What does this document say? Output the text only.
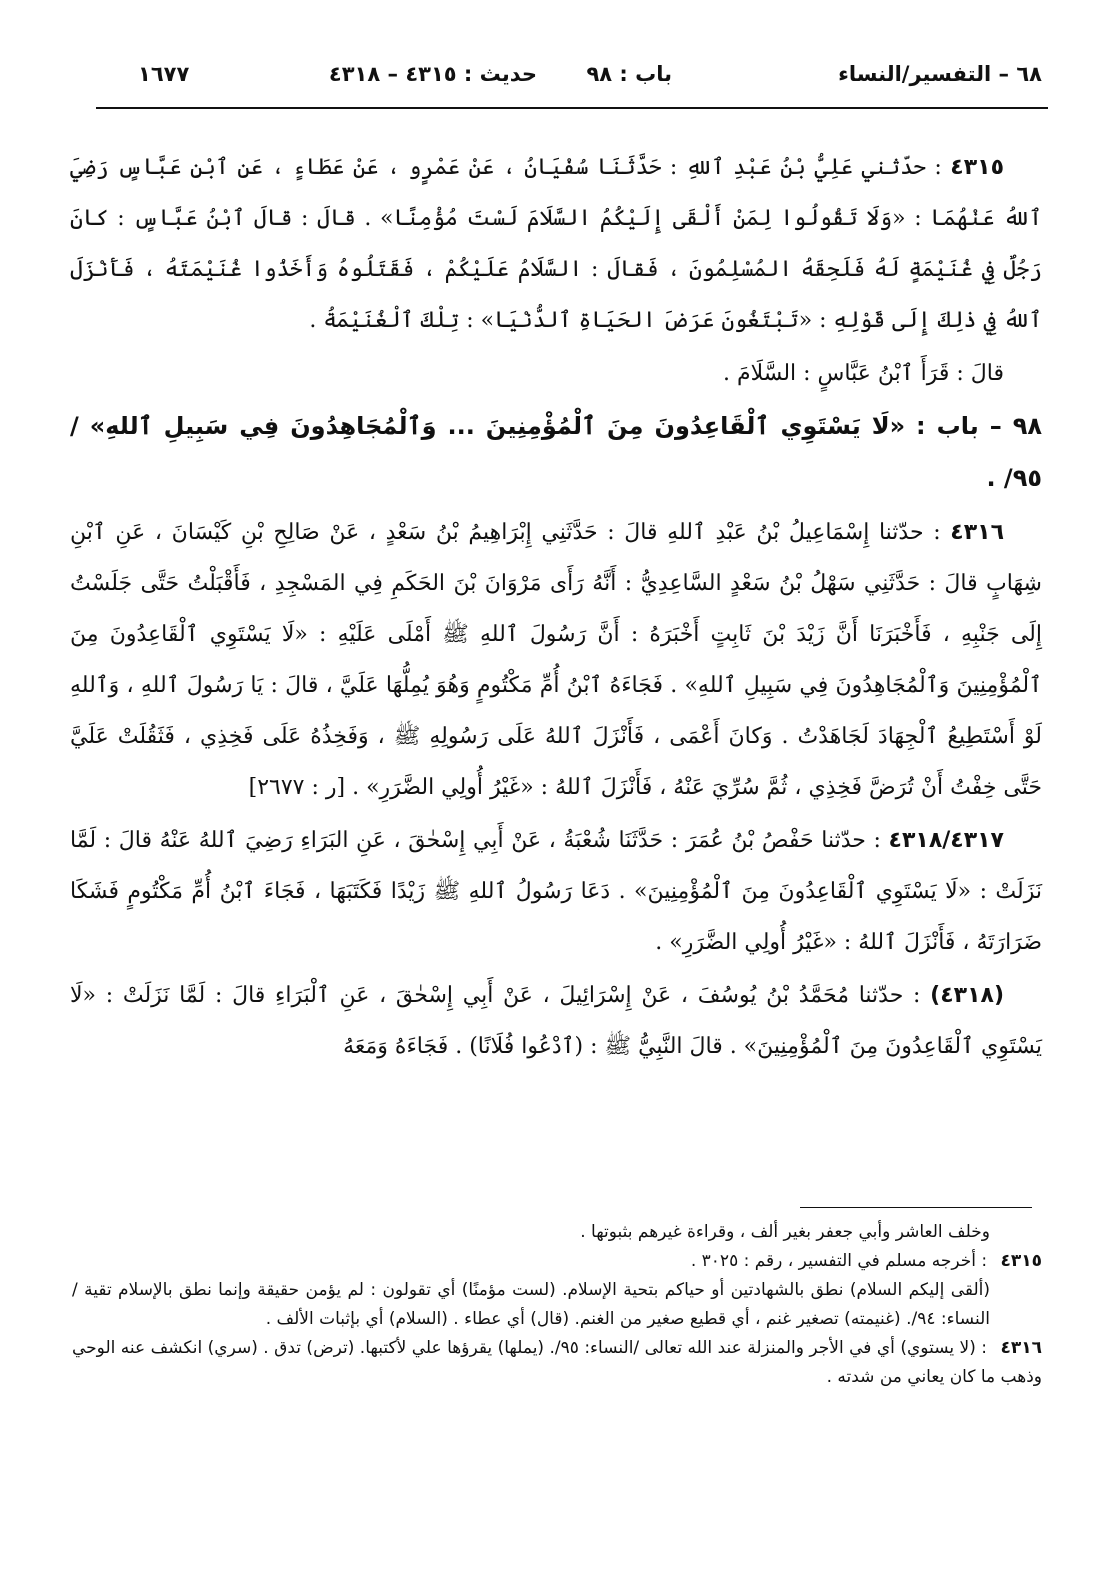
٦٨ – التفسير/النساء
باب : ٩٨
حديث : ٤٣١٥ – ٤٣١٨
١٦٧٧

٤٣١٥ : حدّثني عَلِيُّ بْنُ عَبْدِ ٱللهِ : حَدَّثَنَا سُفْيَانُ ، عَنْ عَمْرٍو ، عَنْ عَطَاءٍ ، عَنِ ٱبْنِ عَبَّاسٍ رَضِيَ ٱللهُ عَنْهُمَا : «وَلَا تَقُولُوا لِمَنْ أَلْقَى إِلَيْكُمُ السَّلَامَ لَسْتَ مُؤْمِنًا» . قالَ : قالَ ٱبْنُ عَبَّاسٍ : كانَ رَجُلٌ فِي غُنَيْمَةٍ لَهُ فَلَحِقَهُ المُسْلِمُونَ ، فَقالَ : السَّلَامُ عَلَيْكُمْ ، فَقَتَلُوهُ وَأَخَذُوا غُنَيْمَتَهُ ، فَأَنْزَلَ ٱللهُ فِي ذٰلِكَ إِلَى قَوْلِهِ : «تَبْتَغُونَ عَرَضَ الحَيَاةِ ٱلدُّنْيَا» : تِلْكَ ٱلْغُنَيْمَةُ .

قالَ : قَرَأَ ٱبْنُ عَبَّاسٍ : السَّلَامَ .

٩٨ – باب : «لَا يَسْتَوِي ٱلْقَاعِدُونَ مِنَ ٱلْمُؤْمِنِينَ ... وَٱلْمُجَاهِدُونَ فِي سَبِيلِ ٱللهِ» /٩٥/ .

٤٣١٦ : حدّثنا إِسْمَاعِيلُ بْنُ عَبْدِ ٱللهِ قالَ : حَدَّثَنِي إِبْرَاهِيمُ بْنُ سَعْدٍ ، عَنْ صَالِحِ بْنِ كَيْسَانَ ، عَنِ ٱبْنِ شِهَابٍ قالَ : حَدَّثَنِي سَهْلُ بْنُ سَعْدٍ السَّاعِدِيُّ : أَنَّهُ رَأَى مَرْوَانَ بْنَ الحَكَمِ فِي المَسْجِدِ ، فَأَقْبَلْتُ حَتَّى جَلَسْتُ إِلَى جَنْبِهِ ، فَأَخْبَرَنَا أَنَّ زَيْدَ بْنَ ثَابِتٍ أَخْبَرَهُ : أَنَّ رَسُولَ ٱللهِ ﷺ أَمْلَى عَلَيْهِ : «لَا يَسْتَوِي ٱلْقَاعِدُونَ مِنَ ٱلْمُؤْمِنِينَ وَٱلْمُجَاهِدُونَ فِي سَبِيلِ ٱللهِ» . فَجَاءَهُ ٱبْنُ أُمِّ مَكْتُومٍ وَهُوَ يُمِلُّهَا عَلَيَّ ، قالَ : يَا رَسُولَ ٱللهِ ، وَٱللهِ لَوْ أَسْتَطِيعُ ٱلْجِهَادَ لَجَاهَدْتُ . وَكانَ أَعْمَى ، فَأَنْزَلَ ٱللهُ عَلَى رَسُولِهِ ﷺ ، وَفَخِذُهُ عَلَى فَخِذِي ، فَثَقُلَتْ عَلَيَّ حَتَّى خِفْتُ أَنْ تُرَضَّ فَخِذِي ، ثُمَّ سُرِّيَ عَنْهُ ، فَأَنْزَلَ ٱللهُ : «غَيْرُ أُولِي الضَّرَرِ» . [ر : ٢٦٧٧]

٤٣١٨/٤٣١٧ : حدّثنا حَفْصُ بْنُ عُمَرَ : حَدَّثَنَا شُعْبَةُ ، عَنْ أَبِي إِسْحٰقَ ، عَنِ البَرَاءِ رَضِيَ ٱللهُ عَنْهُ قالَ : لَمَّا نَزَلَتْ : «لَا يَسْتَوِي ٱلْقَاعِدُونَ مِنَ ٱلْمُؤْمِنِينَ» . دَعَا رَسُولُ ٱللهِ ﷺ زَيْدًا فَكَتَبَهَا ، فَجَاءَ ٱبْنُ أُمِّ مَكْتُومٍ فَشَكَا ضَرَارَتَهُ ، فَأَنْزَلَ ٱللهُ : «غَيْرُ أُولِي الضَّرَرِ» .

(٤٣١٨) : حدّثنا مُحَمَّدُ بْنُ يُوسُفَ ، عَنْ إِسْرَائِيلَ ، عَنْ أَبِي إِسْحٰقَ ، عَنِ ٱلْبَرَاءِ قالَ : لَمَّا نَزَلَتْ : «لَا يَسْتَوِي ٱلْقَاعِدُونَ مِنَ ٱلْمُؤْمِنِينَ» . قالَ النَّبِيُّ ﷺ : (ٱدْعُوا فُلَانًا) . فَجَاءَهُ وَمَعَهُ

وخلف العاشر وأبي جعفر بغير ألف ، وقراءة غيرهم بثبوتها .

٤٣١٥ : أخرجه مسلم في التفسير ، رقم : ٣٠٢٥ .

(ألقى إليكم السلام) نطق بالشهادتين أو حياكم بتحية الإسلام. (لست مؤمنًا) أي تقولون : لم يؤمن حقيقة وإنما نطق بالإسلام تقية /النساء: ٩٤/. (غنيمته) تصغير غنم ، أي قطيع صغير من الغنم. (قال) أي عطاء . (السلام) أي بإثبات الألف .

٤٣١٦ : (لا يستوي) أي في الأجر والمنزلة عند الله تعالى /النساء: ٩٥/. (يملها) يقرؤها علي لأكتبها. (ترض) تدق . (سري) انكشف عنه الوحي وذهب ما كان يعاني من شدته .
